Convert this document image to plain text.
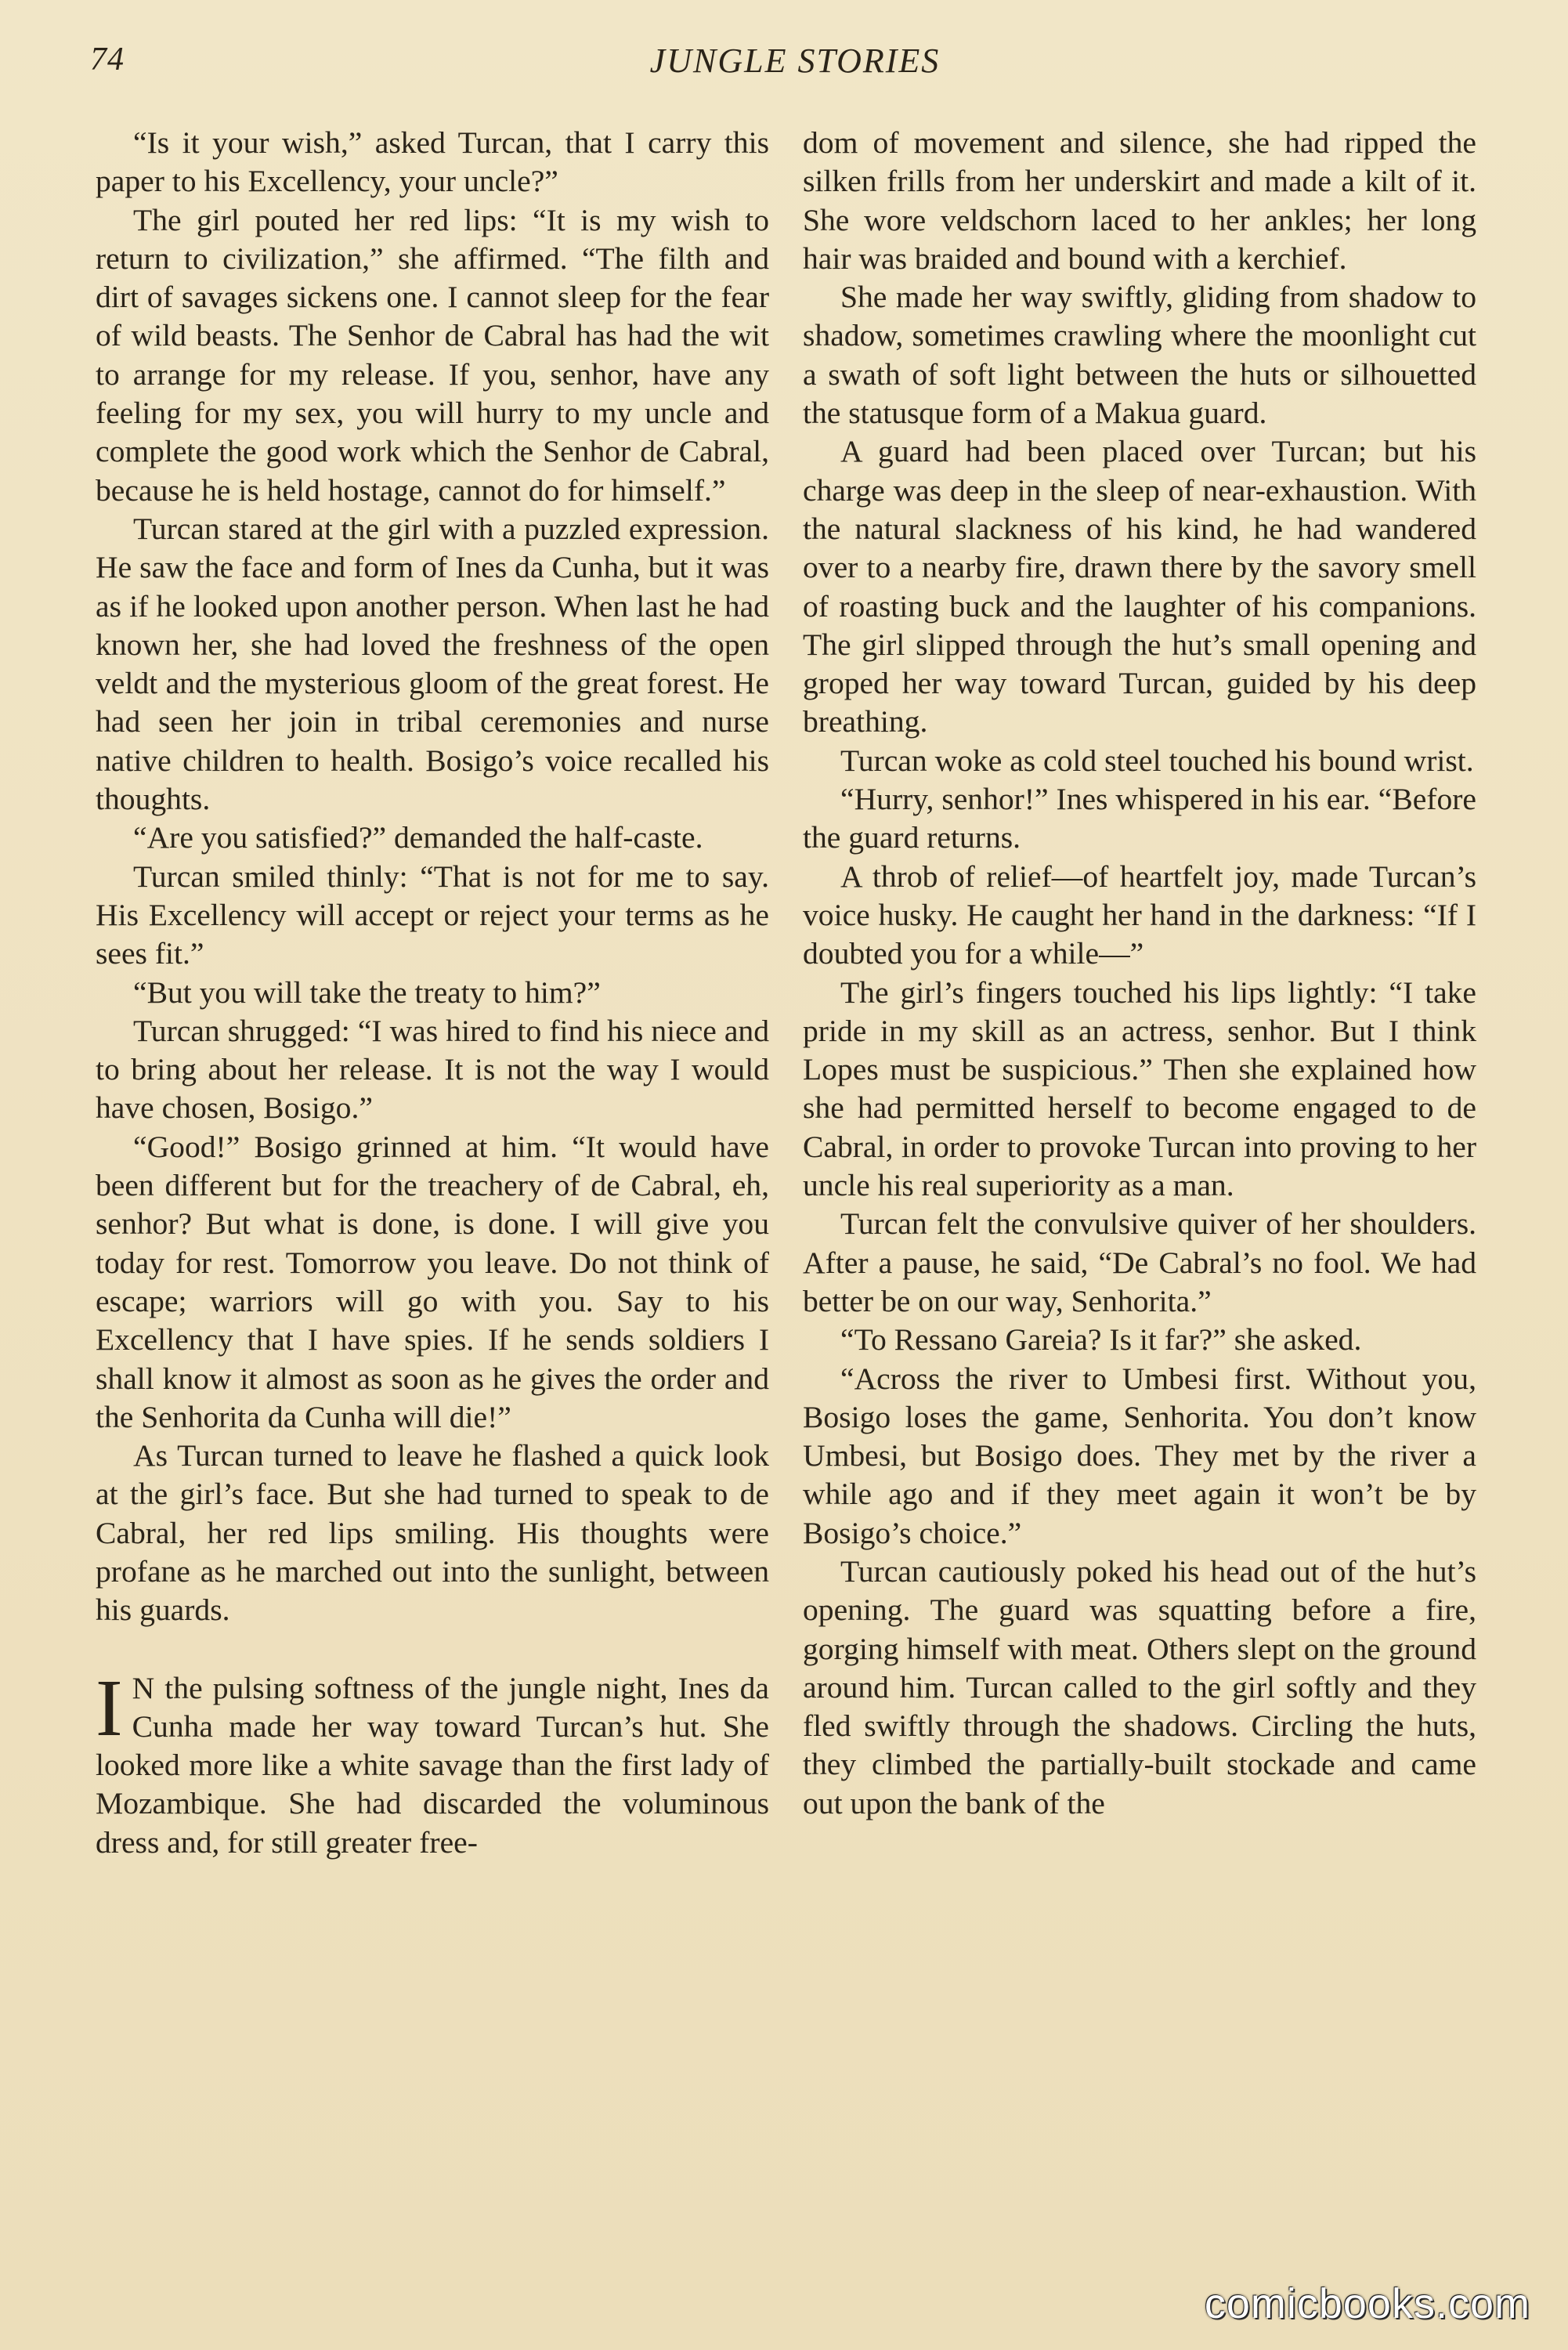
74	JUNGLE STORIES

“Is it your wish,” asked Turcan, that I carry this paper to his Excellency, your uncle?”

The girl pouted her red lips: “It is my wish to return to civilization,” she affirmed. “The filth and dirt of savages sickens one. I cannot sleep for the fear of wild beasts. The Senhor de Cabral has had the wit to arrange for my release. If you, senhor, have any feeling for my sex, you will hurry to my uncle and complete the good work which the Senhor de Cabral, because he is held hostage, cannot do for himself.”

Turcan stared at the girl with a puzzled expression. He saw the face and form of Ines da Cunha, but it was as if he looked upon another person. When last he had known her, she had loved the freshness of the open veldt and the mysterious gloom of the great forest. He had seen her join in tribal ceremonies and nurse native children to health. Bosigo’s voice recalled his thoughts.

“Are you satisfied?” demanded the half-caste.

Turcan smiled thinly: “That is not for me to say. His Excellency will accept or reject your terms as he sees fit.”

“But you will take the treaty to him?”

Turcan shrugged: “I was hired to find his niece and to bring about her release. It is not the way I would have chosen, Bosigo.”

“Good!” Bosigo grinned at him. “It would have been different but for the treachery of de Cabral, eh, senhor? But what is done, is done. I will give you today for rest. Tomorrow you leave. Do not think of escape; warriors will go with you. Say to his Excellency that I have spies. If he sends soldiers I shall know it almost as soon as he gives the order and the Senhorita da Cunha will die!”

As Turcan turned to leave he flashed a quick look at the girl’s face. But she had turned to speak to de Cabral, her red lips smiling. His thoughts were profane as he marched out into the sunlight, between his guards.

I N the pulsing softness of the jungle night, Ines da Cunha made her way toward Turcan’s hut. She looked more like a white savage than the first lady of Mozambique. She had discarded the voluminous dress and, for still greater free-

dom of movement and silence, she had ripped the silken frills from her underskirt and made a kilt of it. She wore veldschorn laced to her ankles; her long hair was braided and bound with a kerchief.

She made her way swiftly, gliding from shadow to shadow, sometimes crawling where the moonlight cut a swath of soft light between the huts or silhouetted the statusque form of a Makua guard.

A guard had been placed over Turcan; but his charge was deep in the sleep of near-exhaustion. With the natural slackness of his kind, he had wandered over to a nearby fire, drawn there by the savory smell of roasting buck and the laughter of his companions. The girl slipped through the hut’s small opening and groped her way toward Turcan, guided by his deep breathing.

Turcan woke as cold steel touched his bound wrist.

“Hurry, senhor!” Ines whispered in his ear. “Before the guard returns.

A throb of relief—of heartfelt joy, made Turcan’s voice husky. He caught her hand in the darkness: “If I doubted you for a while—”

The girl’s fingers touched his lips lightly: “I take pride in my skill as an actress, senhor. But I think Lopes must be suspicious.” Then she explained how she had permitted herself to become engaged to de Cabral, in order to provoke Turcan into proving to her uncle his real superiority as a man.

Turcan felt the convulsive quiver of her shoulders. After a pause, he said, “De Cabral’s no fool. We had better be on our way, Senhorita.”

“To Ressano Gareia? Is it far?” she asked.

“Across the river to Umbesi first. Without you, Bosigo loses the game, Senhorita. You don’t know Umbesi, but Bosigo does. They met by the river a while ago and if they meet again it won’t be by Bosigo’s choice.”

Turcan cautiously poked his head out of the hut’s opening. The guard was squatting before a fire, gorging himself with meat. Others slept on the ground around him. Turcan called to the girl softly and they fled swiftly through the shadows. Circling the huts, they climbed the partially-built stockade and came out upon the bank of the

comicbooks.com
